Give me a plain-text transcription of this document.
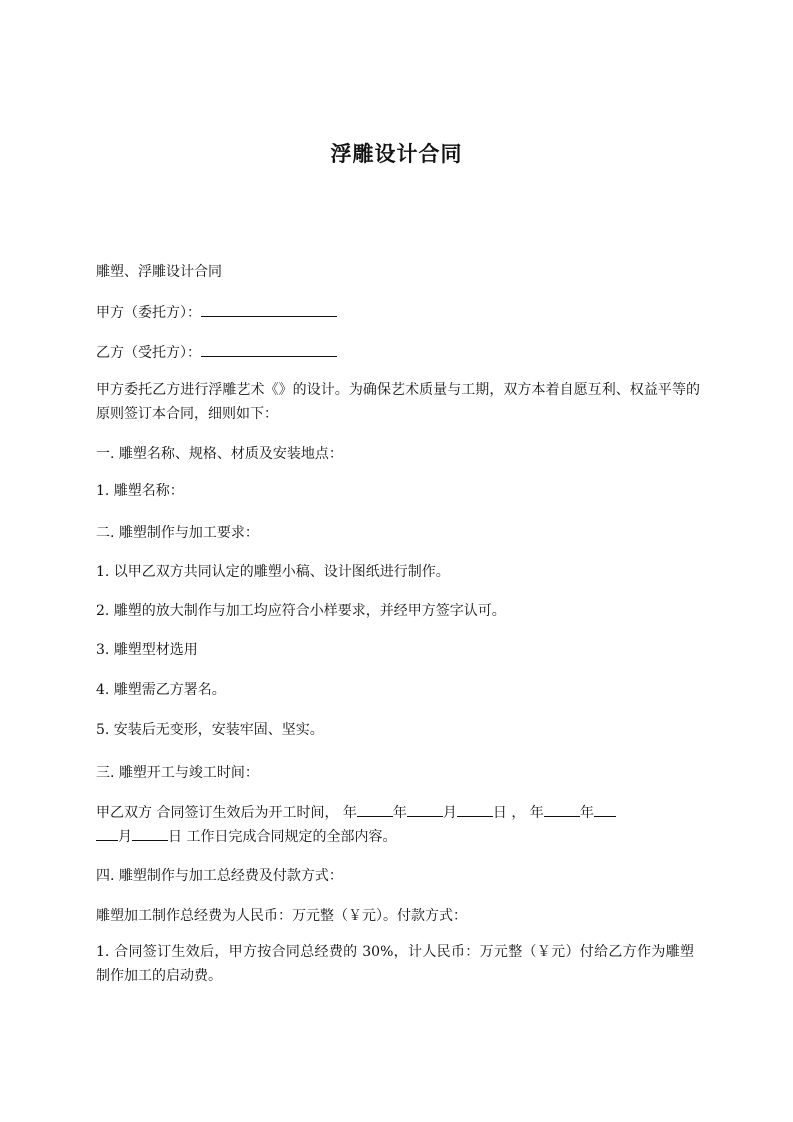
浮雕设计合同
雕塑、浮雕设计合同
甲方（委托方）：
乙方（受托方）：
甲方委托乙方进行浮雕艺术《》的设计。为确保艺术质量与工期，双方本着自愿互利、权益平等的原则签订本合同，细则如下：
一. 雕塑名称、规格、材质及安装地点：
1. 雕塑名称：
二. 雕塑制作与加工要求：
1. 以甲乙双方共同认定的雕塑小稿、设计图纸进行制作。
2. 雕塑的放大制作与加工均应符合小样要求，并经甲方签字认可。
3. 雕塑型材选用
4. 雕塑需乙方署名。
5. 安装后无变形，安装牢固、坚实。
三. 雕塑开工与竣工时间：
甲乙双方 合同签订生效后为开工时间， 年	年	月	日 ， 年	年
月	日 工作日完成合同规定的全部内容。
四. 雕塑制作与加工总经费及付款方式：
雕塑加工制作总经费为人民币：万元整（￥元）。付款方式：
1. 合同签订生效后，甲方按合同总经费的 30%，计人民币：万元整（￥元）付给乙方作为雕塑制作加工的启动费。
